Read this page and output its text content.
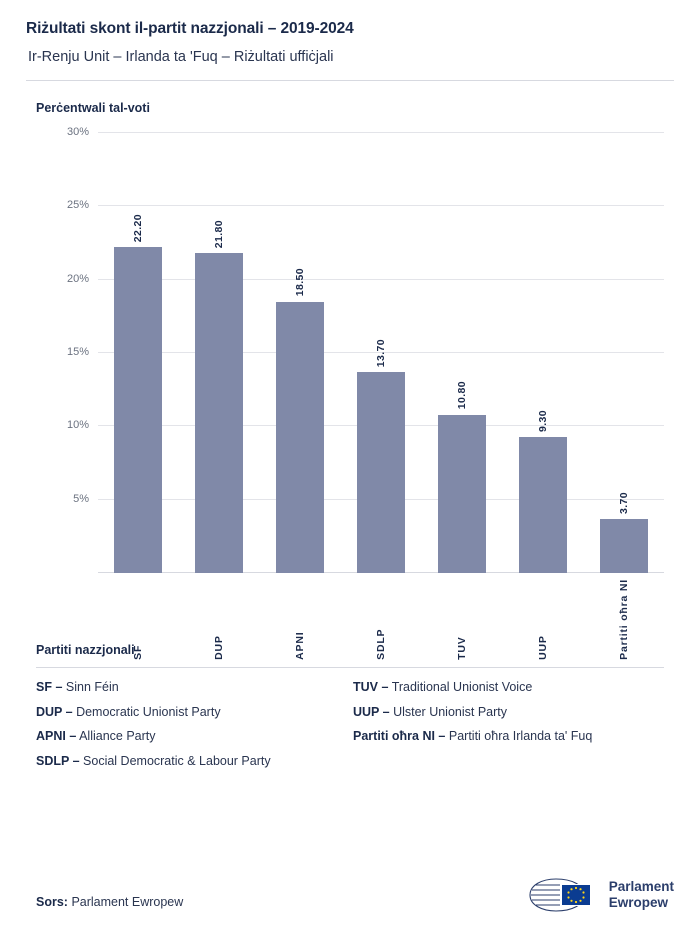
Riżultati skont il-partit nazzjonali – 2019-2024
Ir-Renju Unit – Irlanda ta 'Fuq – Riżultati uffiċjali
Perċentwali tal-voti
30%
25%
20%
15%
10%
5%
22.20	21.80
18.50
13.70
10.80
9.30
3.70
SF	DUP	APNI	SDLP	TUV	UUP	Partiti oħra NI
Partiti nazzjonali
SF – Sinn Féin	TUV – Traditional Unionist Voice
DUP – Democratic Unionist Party	UUP – Ulster Unionist Party
APNI – Alliance Party	Partiti oħra NI – Partiti oħra Irlanda ta' Fuq
SDLP – Social Democratic & Labour Party
Sors: Parlament Ewropew
Parlament
Ewropew
